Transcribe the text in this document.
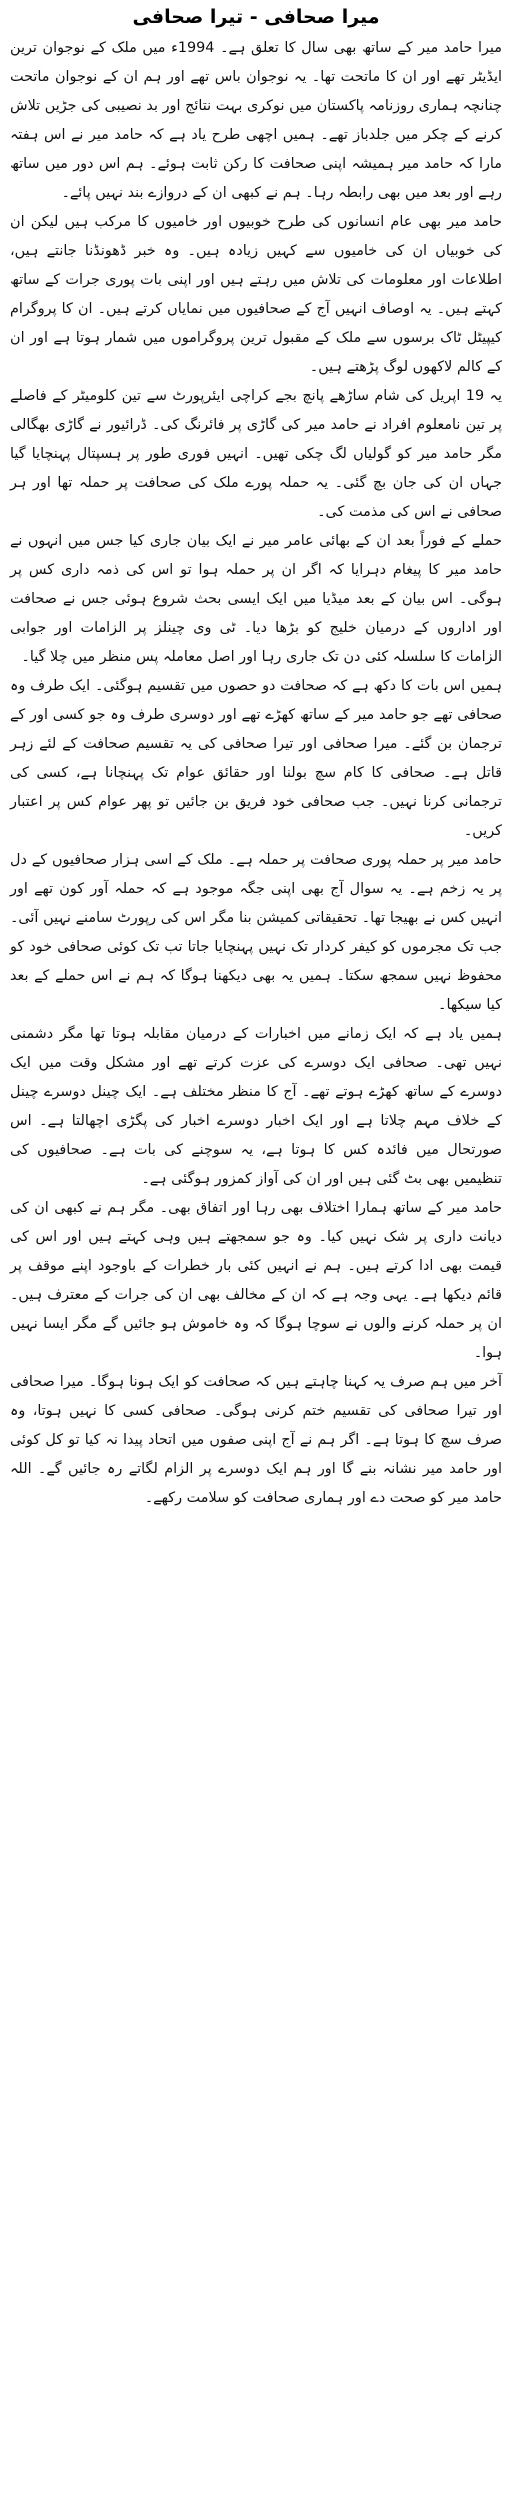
میرا صحافی - تیرا صحافی

میرا حامد میر کے ساتھ بھی سال کا تعلق ہے۔ 1994ء میں ملک کے نوجوان ترین ایڈیٹر تھے اور ان کا ماتحت تھا۔ یہ نوجوان باس تھے اور ہم ان کے نوجوان ماتحت چنانچہ ہماری روزنامہ پاکستان میں نوکری بہت نتائج اور بد نصیبی کی جڑیں تلاش کرنے کے چکر میں جلدباز تھے۔ ہمیں اچھی طرح یاد ہے کہ حامد میر نے اس ہفتہ مارا کہ حامد میر ہمیشہ اپنی صحافت کا رکن ثابت ہوئے۔ ہم اس دور میں ساتھ رہے اور بعد میں بھی رابطہ رہا۔ ہم نے کبھی ان کے دروازے بند نہیں پائے۔

حامد میر بھی عام انسانوں کی طرح خوبیوں اور خامیوں کا مرکب ہیں لیکن ان کی خوبیاں ان کی خامیوں سے کہیں زیادہ ہیں۔ وہ خبر ڈھونڈنا جانتے ہیں، اطلاعات اور معلومات کی تلاش میں رہتے ہیں اور اپنی بات پوری جرات کے ساتھ کہتے ہیں۔ یہ اوصاف انہیں آج کے صحافیوں میں نمایاں کرتے ہیں۔ ان کا پروگرام کیپیٹل ٹاک برسوں سے ملک کے مقبول ترین پروگراموں میں شمار ہوتا ہے اور ان کے کالم لاکھوں لوگ پڑھتے ہیں۔

یہ 19 اپریل کی شام ساڑھے پانچ بجے کراچی ایئرپورٹ سے تین کلومیٹر کے فاصلے پر تین نامعلوم افراد نے حامد میر کی گاڑی پر فائرنگ کی۔ ڈرائیور نے گاڑی بھگالی مگر حامد میر کو گولیاں لگ چکی تھیں۔ انہیں فوری طور پر ہسپتال پہنچایا گیا جہاں ان کی جان بچ گئی۔ یہ حملہ پورے ملک کی صحافت پر حملہ تھا اور ہر صحافی نے اس کی مذمت کی۔

حملے کے فوراً بعد ان کے بھائی عامر میر نے ایک بیان جاری کیا جس میں انہوں نے حامد میر کا پیغام دہرایا کہ اگر ان پر حملہ ہوا تو اس کی ذمہ داری کس پر ہوگی۔ اس بیان کے بعد میڈیا میں ایک ایسی بحث شروع ہوئی جس نے صحافت اور اداروں کے درمیان خلیج کو بڑھا دیا۔ ٹی وی چینلز پر الزامات اور جوابی الزامات کا سلسلہ کئی دن تک جاری رہا اور اصل معاملہ پس منظر میں چلا گیا۔

ہمیں اس بات کا دکھ ہے کہ صحافت دو حصوں میں تقسیم ہوگئی۔ ایک طرف وہ صحافی تھے جو حامد میر کے ساتھ کھڑے تھے اور دوسری طرف وہ جو کسی اور کے ترجمان بن گئے۔ میرا صحافی اور تیرا صحافی کی یہ تقسیم صحافت کے لئے زہر قاتل ہے۔ صحافی کا کام سچ بولنا اور حقائق عوام تک پہنچانا ہے، کسی کی ترجمانی کرنا نہیں۔ جب صحافی خود فریق بن جائیں تو پھر عوام کس پر اعتبار کریں۔

حامد میر پر حملہ پوری صحافت پر حملہ ہے۔ ملک کے اسی ہزار صحافیوں کے دل پر یہ زخم ہے۔ یہ سوال آج بھی اپنی جگہ موجود ہے کہ حملہ آور کون تھے اور انہیں کس نے بھیجا تھا۔ تحقیقاتی کمیشن بنا مگر اس کی رپورٹ سامنے نہیں آئی۔ جب تک مجرموں کو کیفر کردار تک نہیں پہنچایا جاتا تب تک کوئی صحافی خود کو محفوظ نہیں سمجھ سکتا۔ ہمیں یہ بھی دیکھنا ہوگا کہ ہم نے اس حملے کے بعد کیا سیکھا۔

ہمیں یاد ہے کہ ایک زمانے میں اخبارات کے درمیان مقابلہ ہوتا تھا مگر دشمنی نہیں تھی۔ صحافی ایک دوسرے کی عزت کرتے تھے اور مشکل وقت میں ایک دوسرے کے ساتھ کھڑے ہوتے تھے۔ آج کا منظر مختلف ہے۔ ایک چینل دوسرے چینل کے خلاف مہم چلاتا ہے اور ایک اخبار دوسرے اخبار کی پگڑی اچھالتا ہے۔ اس صورتحال میں فائدہ کس کا ہوتا ہے، یہ سوچنے کی بات ہے۔ صحافیوں کی تنظیمیں بھی بٹ گئی ہیں اور ان کی آواز کمزور ہوگئی ہے۔

حامد میر کے ساتھ ہمارا اختلاف بھی رہا اور اتفاق بھی۔ مگر ہم نے کبھی ان کی دیانت داری پر شک نہیں کیا۔ وہ جو سمجھتے ہیں وہی کہتے ہیں اور اس کی قیمت بھی ادا کرتے ہیں۔ ہم نے انہیں کئی بار خطرات کے باوجود اپنے موقف پر قائم دیکھا ہے۔ یہی وجہ ہے کہ ان کے مخالف بھی ان کی جرات کے معترف ہیں۔ ان پر حملہ کرنے والوں نے سوچا ہوگا کہ وہ خاموش ہو جائیں گے مگر ایسا نہیں ہوا۔

آخر میں ہم صرف یہ کہنا چاہتے ہیں کہ صحافت کو ایک ہونا ہوگا۔ میرا صحافی اور تیرا صحافی کی تقسیم ختم کرنی ہوگی۔ صحافی کسی کا نہیں ہوتا، وہ صرف سچ کا ہوتا ہے۔ اگر ہم نے آج اپنی صفوں میں اتحاد پیدا نہ کیا تو کل کوئی اور حامد میر نشانہ بنے گا اور ہم ایک دوسرے پر الزام لگاتے رہ جائیں گے۔ اللہ حامد میر کو صحت دے اور ہماری صحافت کو سلامت رکھے۔
